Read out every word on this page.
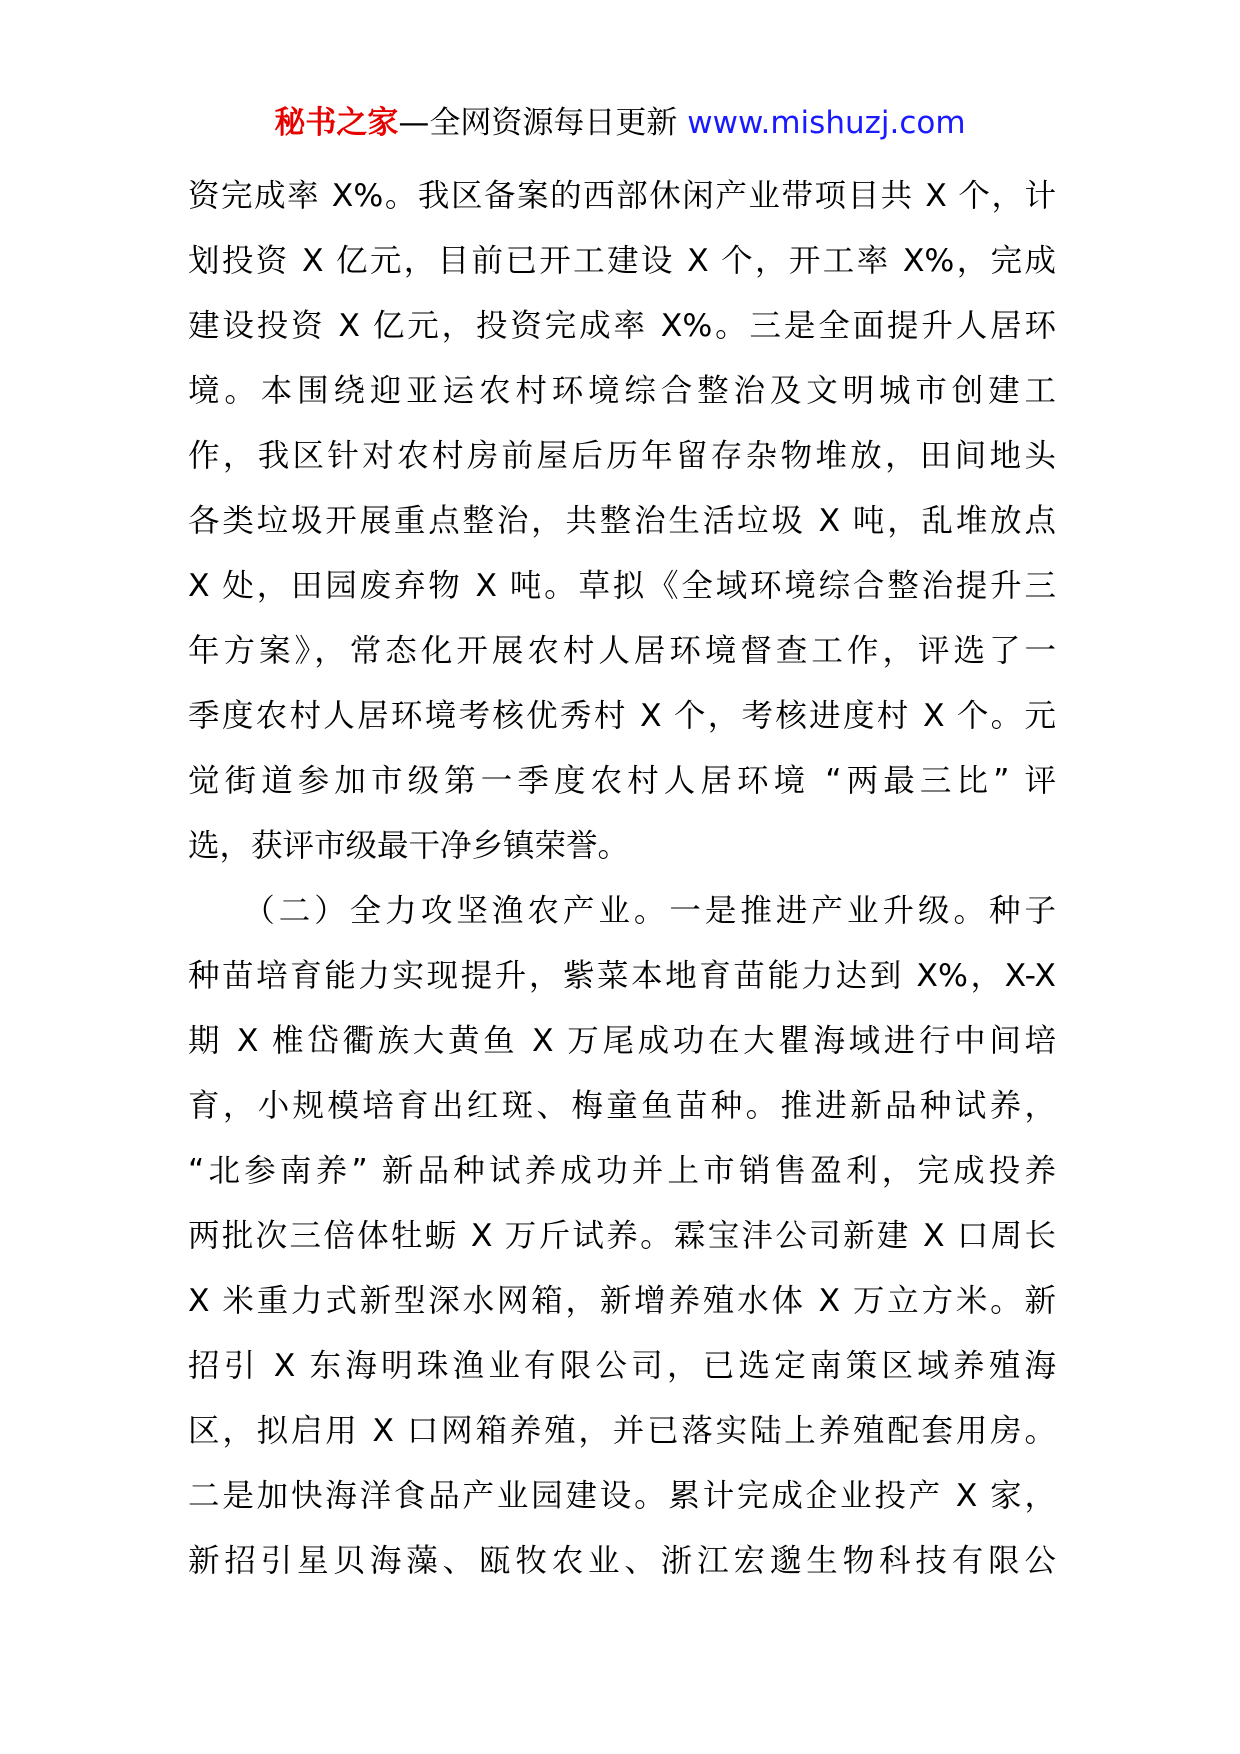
秘书之家—全网资源每日更新 www.mishuzj.com
资完成率 X%。我区备案的西部休闲产业带项目共 X 个，计
划投资 X 亿元，目前已开工建设 X 个，开工率 X%，完成
建设投资 X 亿元，投资完成率 X%。三是全面提升人居环
境。本围绕迎亚运农村环境综合整治及文明城市创建工
作，我区针对农村房前屋后历年留存杂物堆放，田间地头
各类垃圾开展重点整治，共整治生活垃圾 X 吨，乱堆放点
X 处，田园废弃物 X 吨。草拟《全域环境综合整治提升三
年方案》，常态化开展农村人居环境督查工作，评选了一
季度农村人居环境考核优秀村 X 个，考核进度村 X 个。元
觉街道参加市级第一季度农村人居环境 “两最三比” 评
选，获评市级最干净乡镇荣誉。
　　（二）全力攻坚渔农产业。一是推进产业升级。种子
种苗培育能力实现提升，紫菜本地育苗能力达到 X%，X-X
期 X 椎岱衢族大黄鱼 X 万尾成功在大瞿海域进行中间培
育，小规模培育出红斑、梅童鱼苗种。推进新品种试养，
“北参南养” 新品种试养成功并上市销售盈利，完成投养
两批次三倍体牡蛎 X 万斤试养。霖宝沣公司新建 X 口周长
X 米重力式新型深水网箱，新增养殖水体 X 万立方米。新
招引 X 东海明珠渔业有限公司，已选定南策区域养殖海
区，拟启用 X 口网箱养殖，并已落实陆上养殖配套用房。
二是加快海洋食品产业园建设。累计完成企业投产 X 家，
新招引星贝海藻、瓯牧农业、浙江宏邈生物科技有限公
